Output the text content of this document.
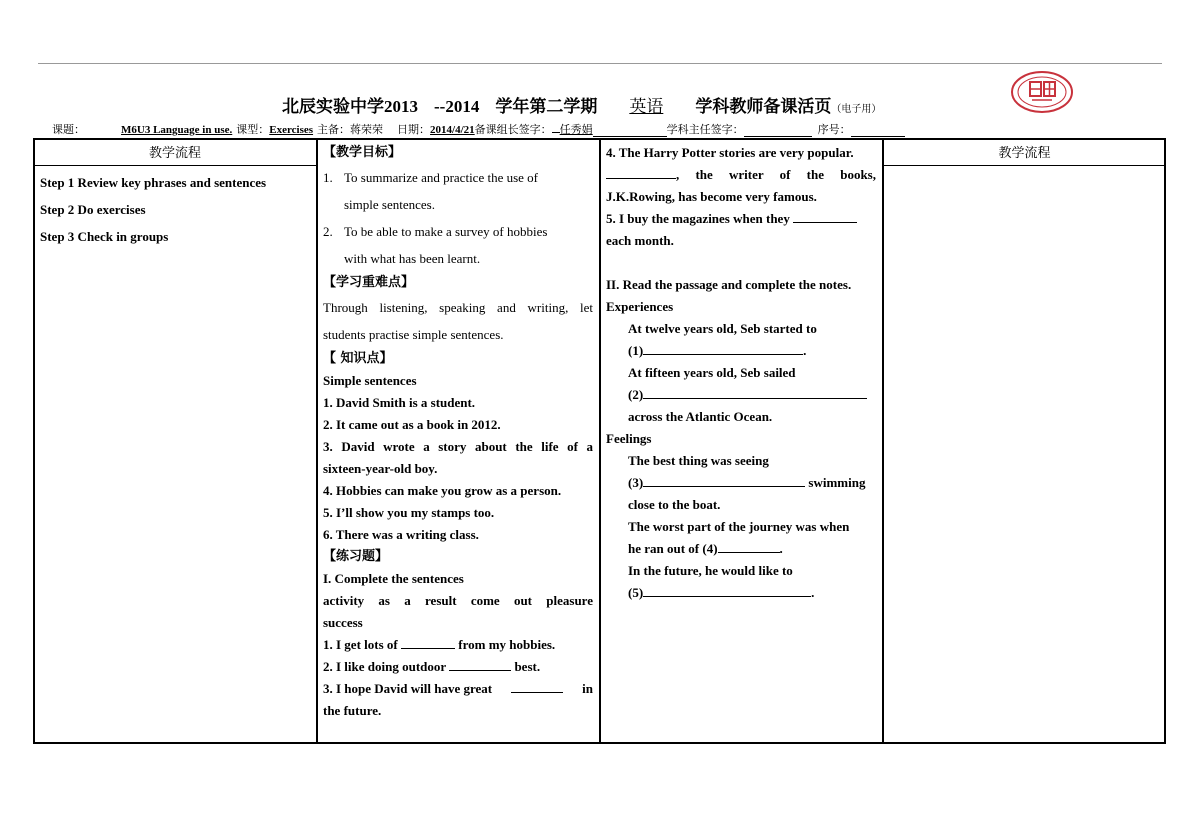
北辰实验中学2013 --2014 学年第二学期 英语 学科教师备课活页（电子用）
课题：	M6U3 Language in use. 课型：Exercises 主备：蒋荣荣 日期：2014/4/21备课组长签字： 任秀娟	学科主任签字：	序号：
教学流程	教学流程
Step 1 Review key phrases and sentences
Step 2 Do exercises
Step 3 Check in groups
【教学目标】
1. To summarize and practice the use of
simple sentences.
2. To be able to make a survey of hobbies
with what has been learnt.
【学习重难点】
Through listening, speaking and writing, let
students practise simple sentences.
【 知识点】
Simple sentences
1. David Smith is a student.
2. It came out as a book in 2012.
3. David wrote a story about the life of a
sixteen-year-old boy.
4. Hobbies can make you grow as a person.
5. I’ll show you my stamps too.
6. There was a writing class.
【练习题】
I. Complete the sentences
activity as a result come out pleasure
success
1. I get lots of	from my hobbies.
2. I like doing outdoor	best.
3. I hope David will have great	in
the future.
4. The Harry Potter stories are very popular.
, the writer of the books,
J.K.Rowing, has become very famous.
5. I buy the magazines when they
each month.
II. Read the passage and complete the notes.
Experiences
At twelve years old, Seb started to
(1)	.
At fifteen years old, Seb sailed
(2)
across the Atlantic Ocean.
Feelings
The best thing was seeing
(3)	swimming
close to the boat.
The worst part of the journey was when
he ran out of (4)	.
In the future, he would like to
(5)	.
